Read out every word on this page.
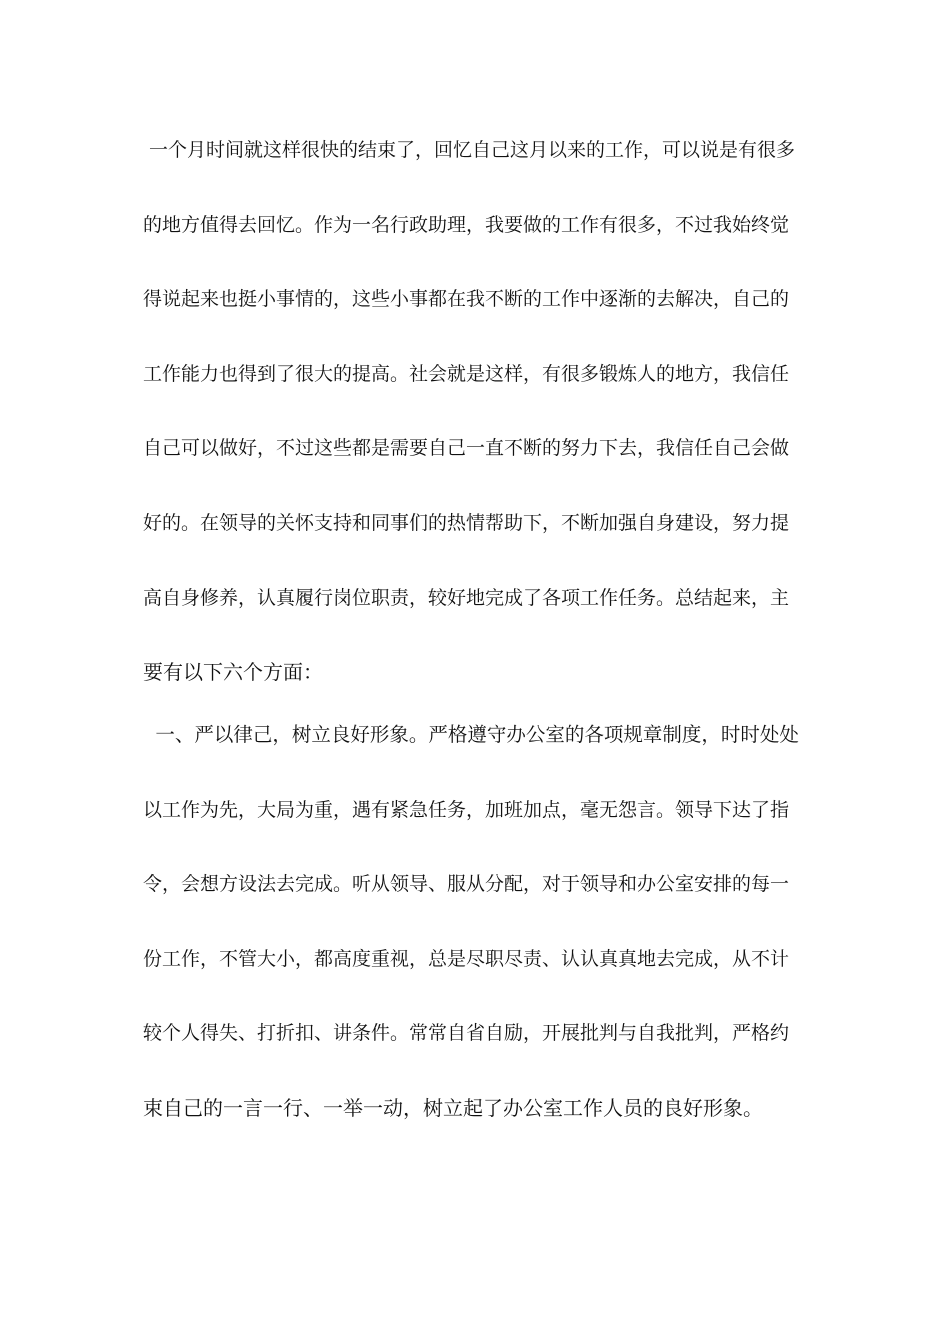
一个月时间就这样很快的结束了，回忆自己这月以来的工作，可以说是有很多
的地方值得去回忆。作为一名行政助理，我要做的工作有很多，不过我始终觉
得说起来也挺小事情的，这些小事都在我不断的工作中逐渐的去解决，自己的
工作能力也得到了很大的提高。社会就是这样，有很多锻炼人的地方，我信任
自己可以做好，不过这些都是需要自己一直不断的努力下去，我信任自己会做
好的。在领导的关怀支持和同事们的热情帮助下，不断加强自身建设，努力提
高自身修养，认真履行岗位职责，较好地完成了各项工作任务。总结起来，主
要有以下六个方面：
一、严以律己，树立良好形象。严格遵守办公室的各项规章制度，时时处处
以工作为先，大局为重，遇有紧急任务，加班加点，毫无怨言。领导下达了指
令，会想方设法去完成。听从领导、服从分配，对于领导和办公室安排的每一
份工作，不管大小，都高度重视，总是尽职尽责、认认真真地去完成，从不计
较个人得失、打折扣、讲条件。常常自省自励，开展批判与自我批判，严格约
束自己的一言一行、一举一动，树立起了办公室工作人员的良好形象。
